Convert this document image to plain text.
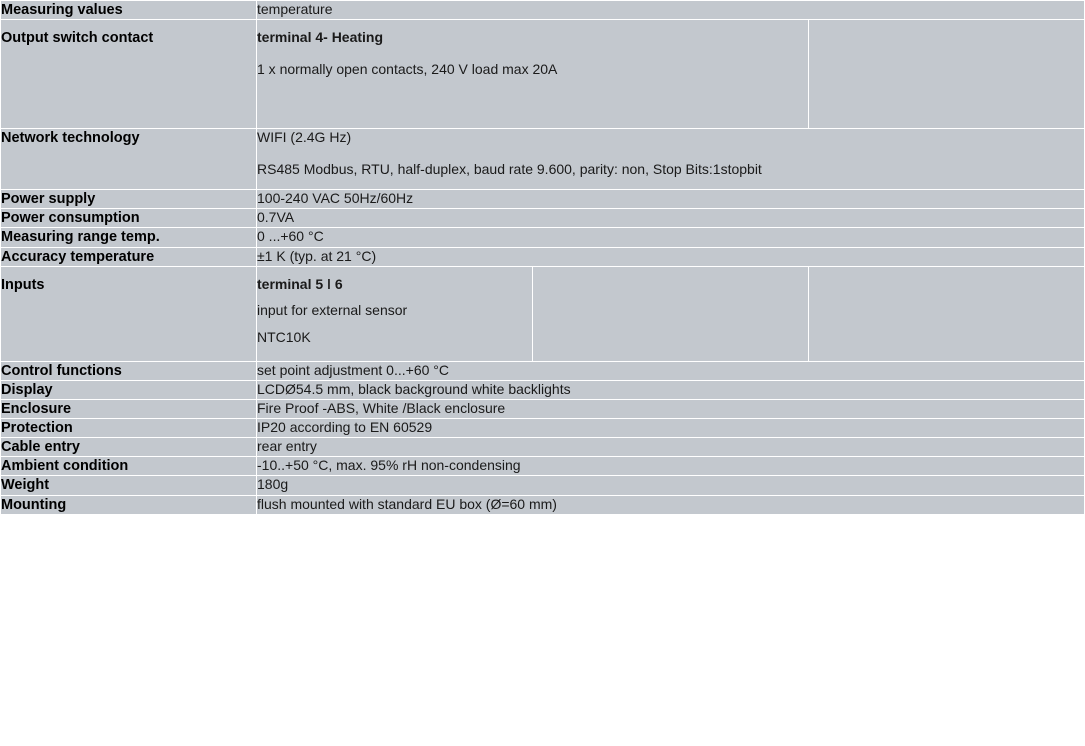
Measuring values	temperature		

Output switch contact	terminal 4- Heating
1 x normally open contacts, 240 V load max 20A		

Network technology	WIFI (2.4G Hz)
RS485 Modbus, RTU, half-duplex, baud rate 9.600, parity: non, Stop Bits:1stopbit		

Power supply	100-240 VAC 50Hz/60Hz		

Power consumption	0.7VA		

Measuring range temp.	0 ...+60 °C		

Accuracy temperature	±1 K (typ. at 21 °C)		

Inputs	terminal 5 ǀ 6
input for external sensor
NTC10K		

Control functions	set point adjustment 0...+60 °C		

Display	LCDØ54.5 mm, black background white backlights		

Enclosure	Fire Proof -ABS, White /Black enclosure		

Protection	IP20 according to EN 60529		

Cable entry	rear entry		

Ambient condition	-10..+50 °C, max. 95% rH non-condensing		

Weight	180g		

Mounting	flush mounted with standard EU box (Ø=60 mm)		
